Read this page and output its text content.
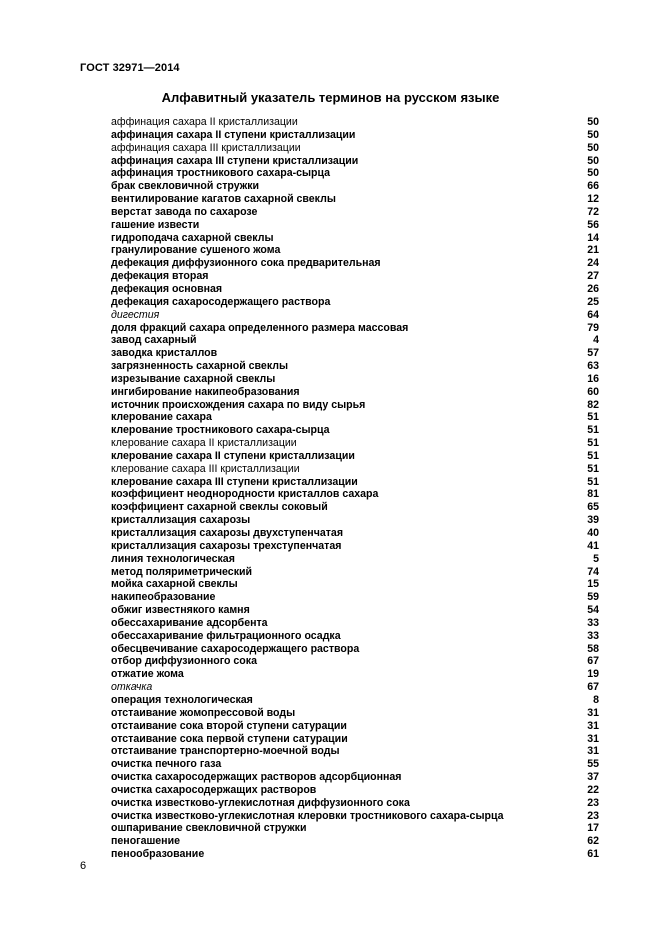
ГОСТ 32971—2014
Алфавитный указатель терминов на русском языке
аффинация сахара II кристаллизации	50
аффинация сахара II ступени кристаллизации	50
аффинация сахара III кристаллизации	50
аффинация сахара III ступени кристаллизации	50
аффинация тростникового сахара-сырца	50
брак свекловичной стружки	66
вентилирование кагатов сахарной свеклы	12
верстат завода по сахарозе	72
гашение извести	56
гидроподача сахарной свеклы	14
гранулирование сушеного жома	21
дефекация диффузионного сока предварительная	24
дефекация вторая	27
дефекация основная	26
дефекация сахаросодержащего раствора	25
дигестия	64
доля фракций сахара определенного размера массовая	79
завод сахарный	4
заводка кристаллов	57
загрязненность сахарной свеклы	63
изрезывание сахарной свеклы	16
ингибирование накипеобразования	60
источник происхождения сахара по виду сырья	82
клерование сахара	51
клерование тростникового сахара-сырца	51
клерование сахара II кристаллизации	51
клерование сахара II ступени кристаллизации	51
клерование сахара III кристаллизации	51
клерование сахара III ступени кристаллизации	51
коэффициент неоднородности кристаллов сахара	81
коэффициент сахарной свеклы соковый	65
кристаллизация сахарозы	39
кристаллизация сахарозы двухступенчатая	40
кристаллизация сахарозы трехступенчатая	41
линия технологическая	5
метод поляриметрический	74
мойка сахарной свеклы	15
накипеобразование	59
обжиг известнякого камня	54
обессахаривание адсорбента	33
обессахаривание фильтрационного осадка	33
обесцвечивание сахаросодержащего раствора	58
отбор диффузионного сока	67
отжатие жома	19
откачка	67
операция технологическая	8
отстаивание жомопрессовой воды	31
отстаивание сока второй ступени сатурации	31
отстаивание сока первой ступени сатурации	31
отстаивание транспортерно-моечной воды	31
очистка печного газа	55
очистка сахаросодержащих растворов адсорбционная	37
очистка сахаросодержащих растворов	22
очистка известково-углекислотная диффузионного сока	23
очистка известково-углекислотная клеровки тростникового сахара-сырца	23
ошпаривание свекловичной стружки	17
пеногашение	62
пенообразование	61
6
